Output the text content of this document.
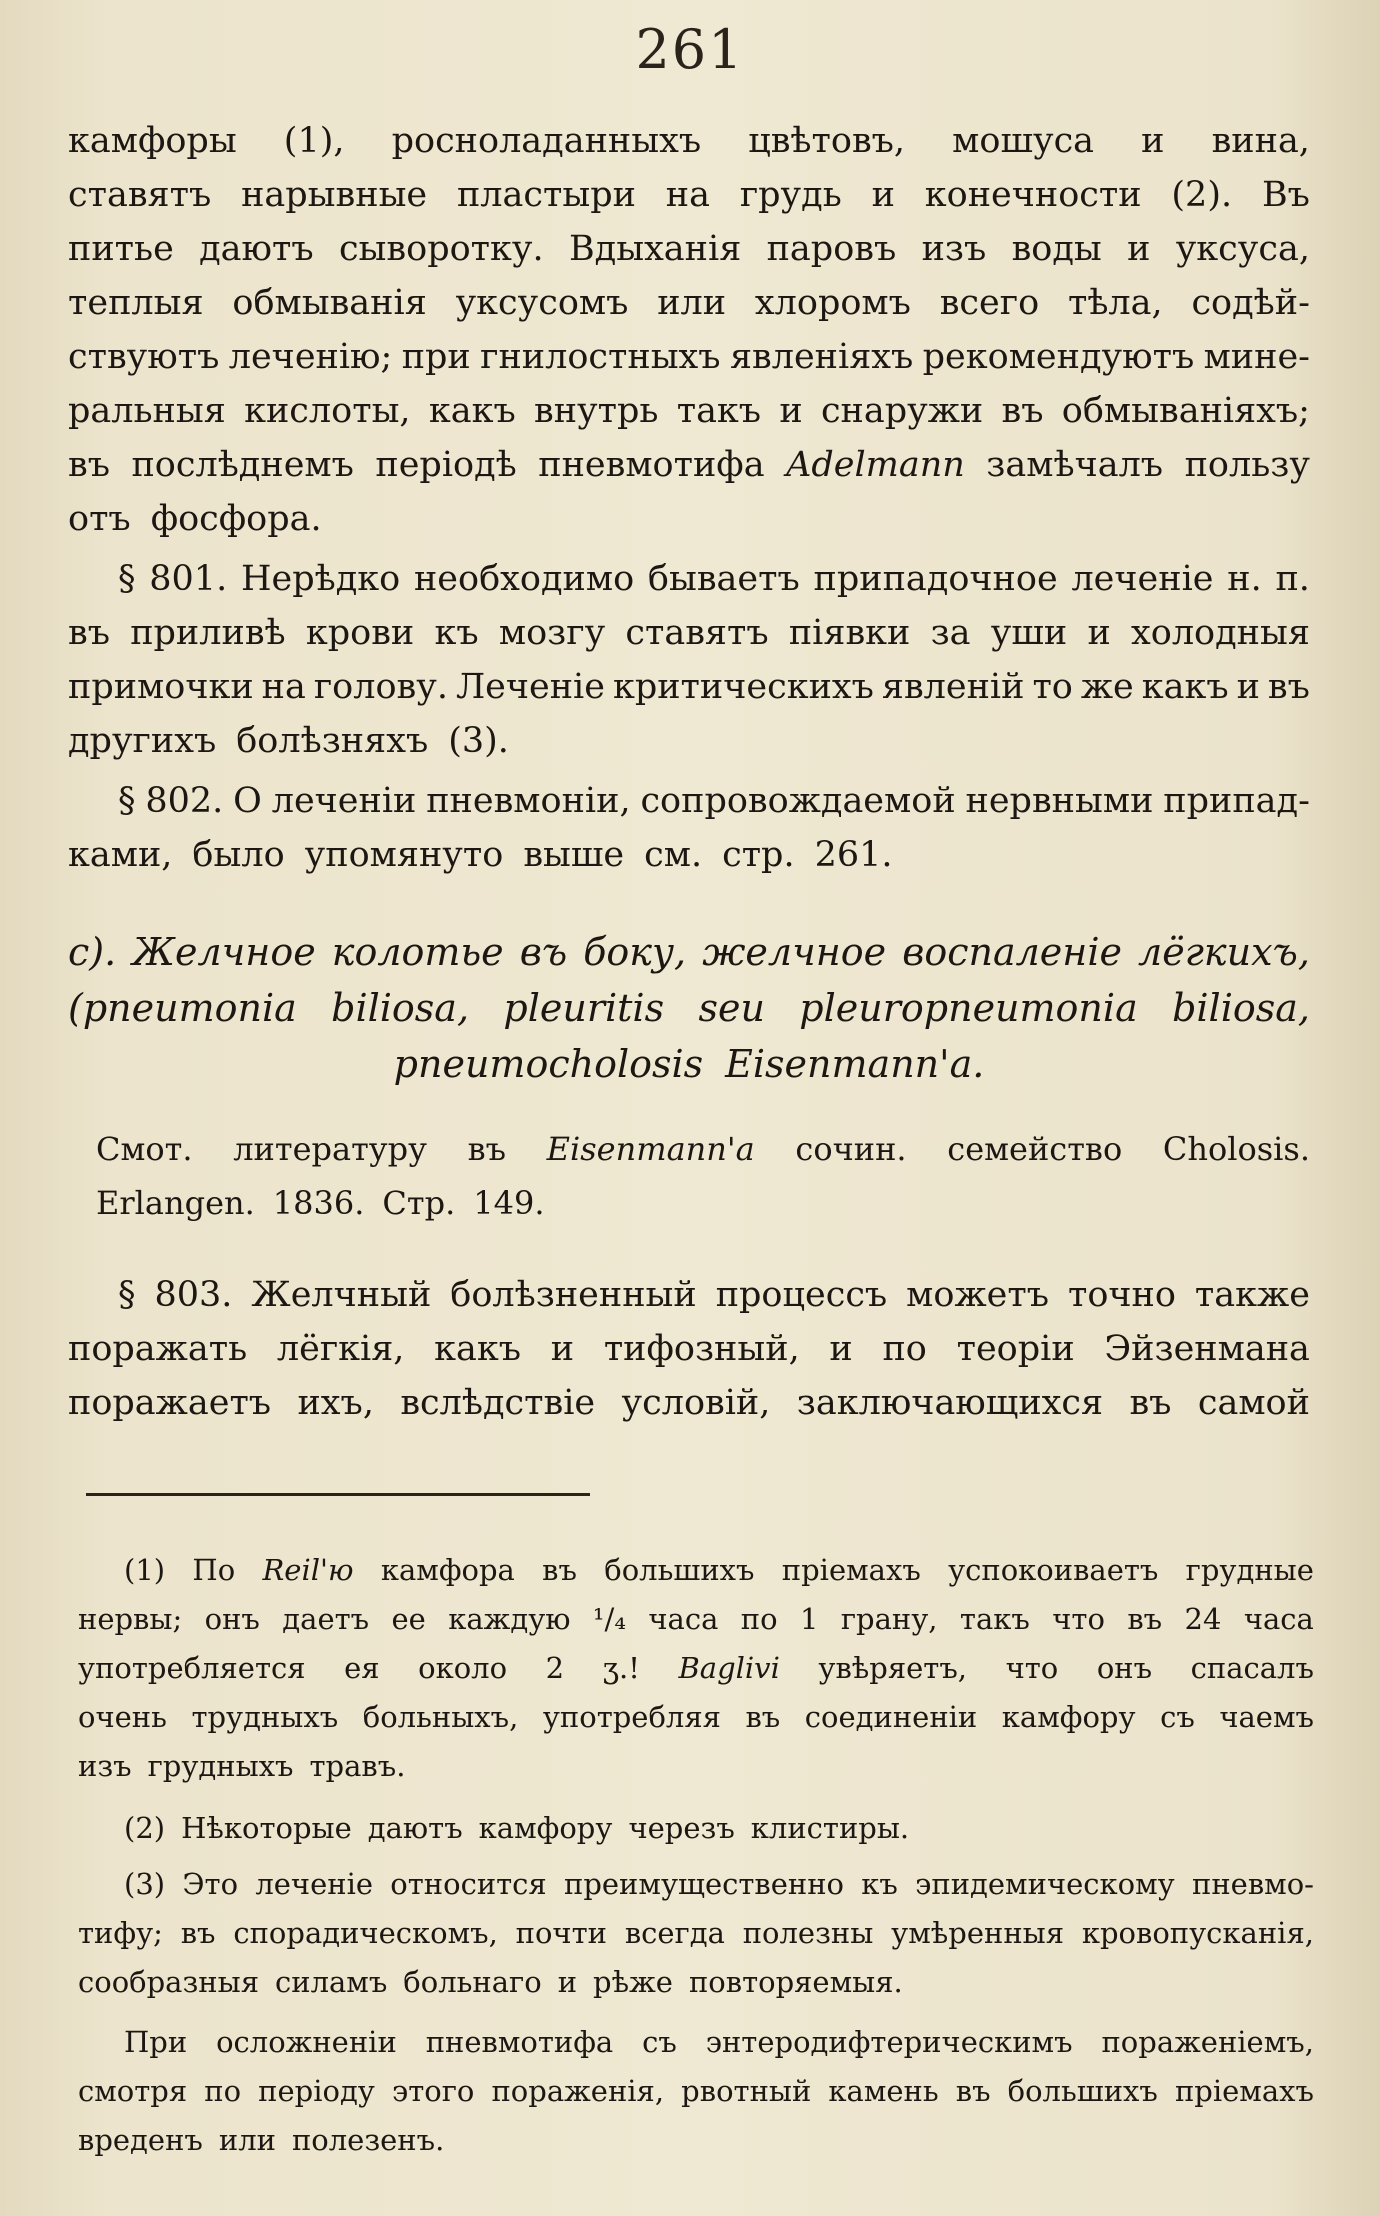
261
камфоры (1), росноладанныхъ цвѣтовъ, мошуса и вина,
ставятъ нарывные пластыри на грудь и конечности (2). Въ
питье даютъ сыворотку. Вдыханія паровъ изъ воды и уксуса,
теплыя обмыванія уксусомъ или хлоромъ всего тѣла, содѣй-
ствуютъ леченію; при гнилостныхъ явленіяхъ рекомендуютъ мине-
ральныя кислоты, какъ внутрь такъ и снаружи въ обмываніяхъ;
въ послѣднемъ періодѣ пневмотифа Adelmann замѣчалъ пользу
отъ фосфора.
§ 801. Нерѣдко необходимо бываетъ припадочное леченіе н. п.
въ приливѣ крови къ мозгу ставятъ піявки за уши и холодныя
примочки на голову. Леченіе критическихъ явленій то же какъ и въ
другихъ болѣзняхъ (3).
§ 802. О леченіи пневмоніи, сопровождаемой нервными припад-
ками, было упомянуто выше см. стр. 261.
c). Желчное колотье въ боку, желчное воспаленіе лёгкихъ,
(pneumonia biliosa, pleuritis seu pleuropneumonia biliosa,
pneumocholosis Eisenmann'a.
Смот. литературу въ Eisenmann'a сочин. семейство Cholosis.
Erlangen. 1836. Стр. 149.
§ 803. Желчный болѣзненный процессъ можетъ точно также
поражать лёгкія, какъ и тифозный, и по теоріи Эйзенмана
поражаетъ ихъ, вслѣдствіе условій, заключающихся въ самой
(1) По Reil'ю камфора въ большихъ пріемахъ успокоиваетъ грудные
нервы; онъ даетъ ее каждую ¹/₄ часа по 1 грану, такъ что въ 24 часа
употребляется ея около 2 ʒ.! Baglivi увѣряетъ, что онъ спасалъ
очень трудныхъ больныхъ, употребляя въ соединеніи камфору съ чаемъ
изъ грудныхъ травъ.
(2) Нѣкоторые даютъ камфору черезъ клистиры.
(3) Это леченіе относится преимущественно къ эпидемическому пневмо-
тифу; въ спорадическомъ, почти всегда полезны умѣренныя кровопусканія,
сообразныя силамъ больнаго и рѣже повторяемыя.
При осложненіи пневмотифа съ энтеродифтерическимъ пораженіемъ,
смотря по періоду этого пораженія, рвотный камень въ большихъ пріемахъ
вреденъ или полезенъ.
